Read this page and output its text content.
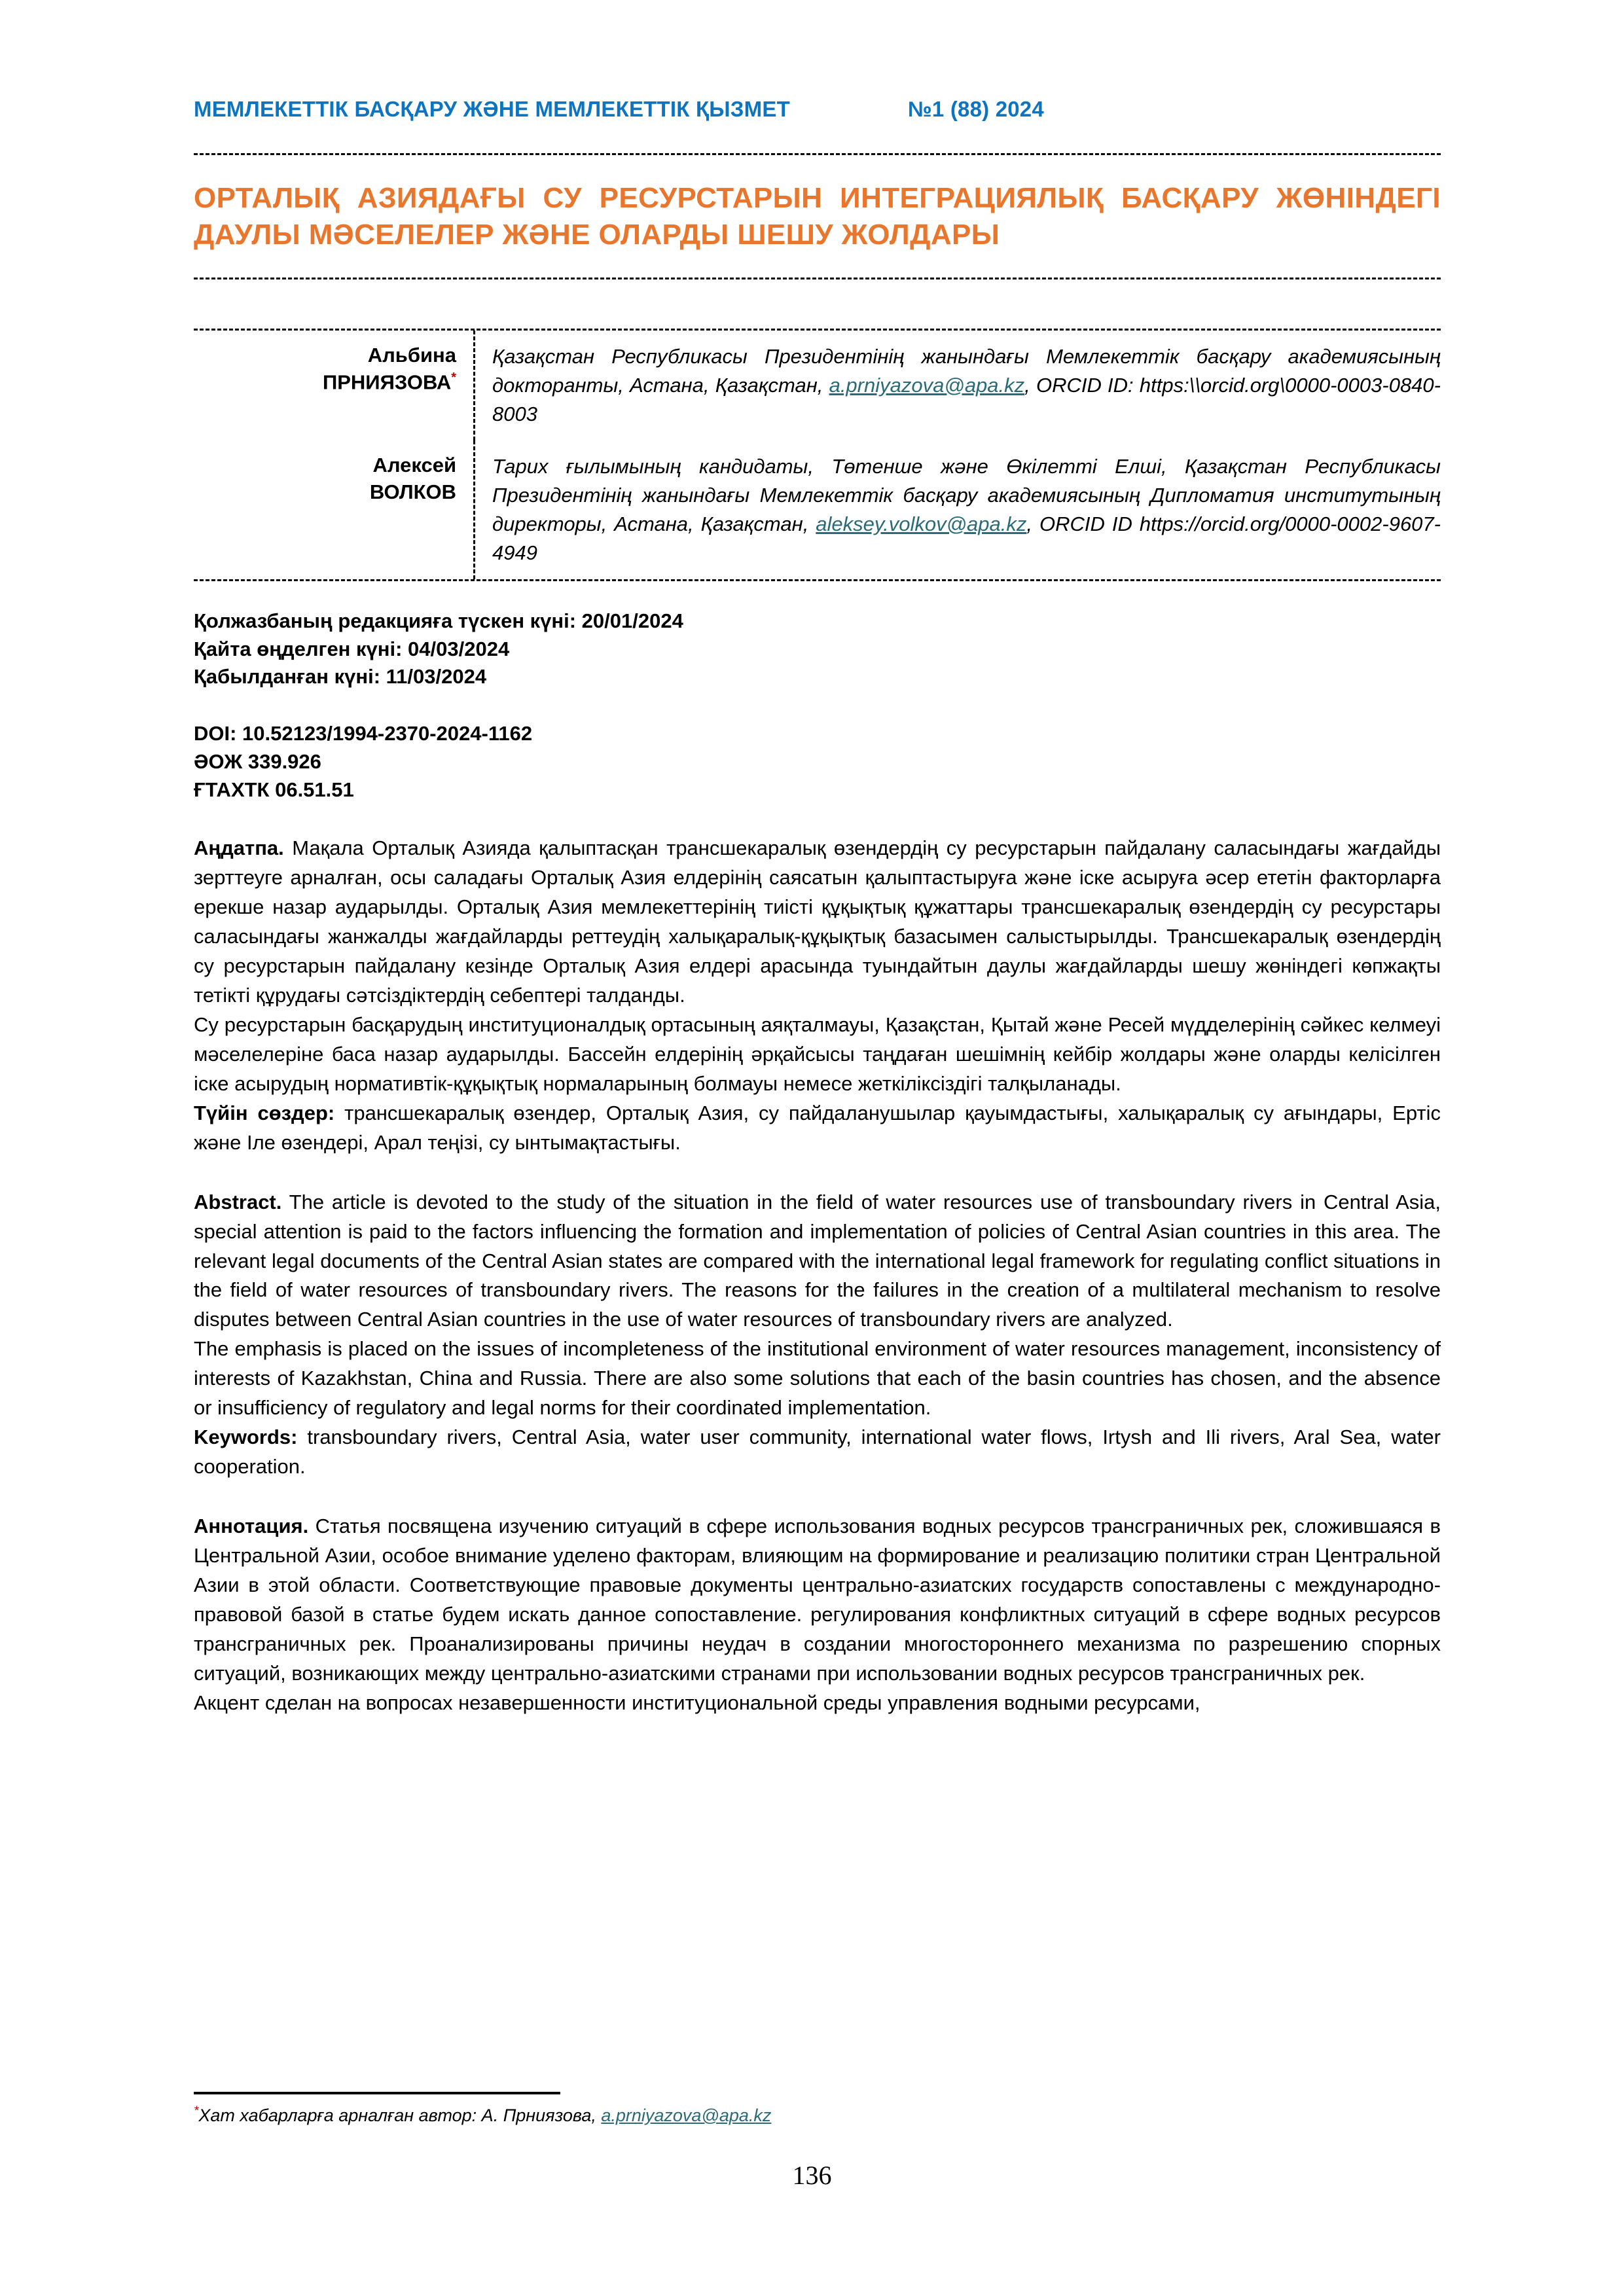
МЕМЛЕКЕТТІК БАСҚАРУ ЖӘНЕ МЕМЛЕКЕТТІК ҚЫЗМЕТ	№1 (88) 2024
ОРТАЛЫҚ АЗИЯДАҒЫ СУ РЕСУРСТАРЫН ИНТЕГРАЦИЯЛЫҚ БАСҚАРУ ЖӨНІНДЕГІ ДАУЛЫ МӘСЕЛЕЛЕР ЖӘНЕ ОЛАРДЫ ШЕШУ ЖОЛДАРЫ
Альбина
ПРНИЯЗОВА*
Қазақстан Республикасы Президентінің жанындағы Мемлекеттік басқару академиясының докторанты, Астана, Қазақстан, a.prniyazova@apa.kz, ORCID ID: https:\\orcid.org\0000-0003-0840-8003
Алексей
ВОЛКОВ
Тарих ғылымының кандидаты, Төтенше және Өкілетті Елші, Қазақстан Республикасы Президентінің жанындағы Мемлекеттік басқару академиясының Дипломатия институтының директоры, Астана, Қазақстан, aleksey.volkov@apa.kz, ORCID ID https://orcid.org/0000-0002-9607-4949
Қолжазбаның редакцияға түскен күні: 20/01/2024
Қайта өңделген күні: 04/03/2024
Қабылданған күні: 11/03/2024
DOI: 10.52123/1994-2370-2024-1162
ӘОЖ 339.926
ҒТАХТК 06.51.51

Аңдатпа. Мақала Орталық Азияда қалыптасқан трансшекаралық өзендердің су ресурстарын пайдалану саласындағы жағдайды зерттеуге арналған, осы саладағы Орталық Азия елдерінің саясатын қалыптастыруға және іске асыруға әсер ететін факторларға ерекше назар аударылды. Орталық Азия мемлекеттерінің тиісті құқықтық құжаттары трансшекаралық өзендердің су ресурстары саласындағы жанжалды жағдайларды реттеудің халықаралық-құқықтық базасымен салыстырылды. Трансшекаралық өзендердің су ресурстарын пайдалану кезінде Орталық Азия елдері арасында туындайтын даулы жағдайларды шешу жөніндегі көпжақты тетікті құрудағы сәтсіздіктердің себептері талданды.

Су ресурстарын басқарудың институционалдық ортасының аяқталмауы, Қазақстан, Қытай және Ресей мүдделерінің сәйкес келмеуі мәселелеріне баса назар аударылды. Бассейн елдерінің әрқайсысы таңдаған шешімнің кейбір жолдары және оларды келісілген іске асырудың нормативтік-құқықтық нормаларының болмауы немесе жеткіліксіздігі талқыланады.

Түйін сөздер: трансшекаралық өзендер, Орталық Азия, су пайдаланушылар қауымдастығы, халықаралық су ағындары, Ертіс және Іле өзендері, Арал теңізі, су ынтымақтастығы.

Abstract. The article is devoted to the study of the situation in the field of water resources use of transboundary rivers in Central Asia, special attention is paid to the factors influencing the formation and implementation of policies of Central Asian countries in this area. The relevant legal documents of the Central Asian states are compared with the international legal framework for regulating conflict situations in the field of water resources of transboundary rivers. The reasons for the failures in the creation of a multilateral mechanism to resolve disputes between Central Asian countries in the use of water resources of transboundary rivers are analyzed.

The emphasis is placed on the issues of incompleteness of the institutional environment of water resources management, inconsistency of interests of Kazakhstan, China and Russia. There are also some solutions that each of the basin countries has chosen, and the absence or insufficiency of regulatory and legal norms for their coordinated implementation.

Keywords: transboundary rivers, Central Asia, water user community, international water flows, Irtysh and Ili rivers, Aral Sea, water cooperation.

Аннотация. Статья посвящена изучению ситуаций в сфере использования водных ресурсов трансграничных рек, сложившаяся в Центральной Азии, особое внимание уделено факторам, влияющим на формирование и реализацию политики стран Центральной Азии в этой области. Соответствующие правовые документы центрально-азиатских государств сопоставлены с международно-правовой базой в статье будем искать данное сопоставление. регулирования конфликтных ситуаций в сфере водных ресурсов трансграничных рек. Проанализированы причины неудач в создании многостороннего механизма по разрешению спорных ситуаций, возникающих между центрально-азиатскими странами при использовании водных ресурсов трансграничных рек.

Акцент сделан на вопросах незавершенности институциональной среды управления водными ресурсами,

*Хат хабарларға арналған автор: А. Прниязова, a.prniyazova@apa.kz
136
